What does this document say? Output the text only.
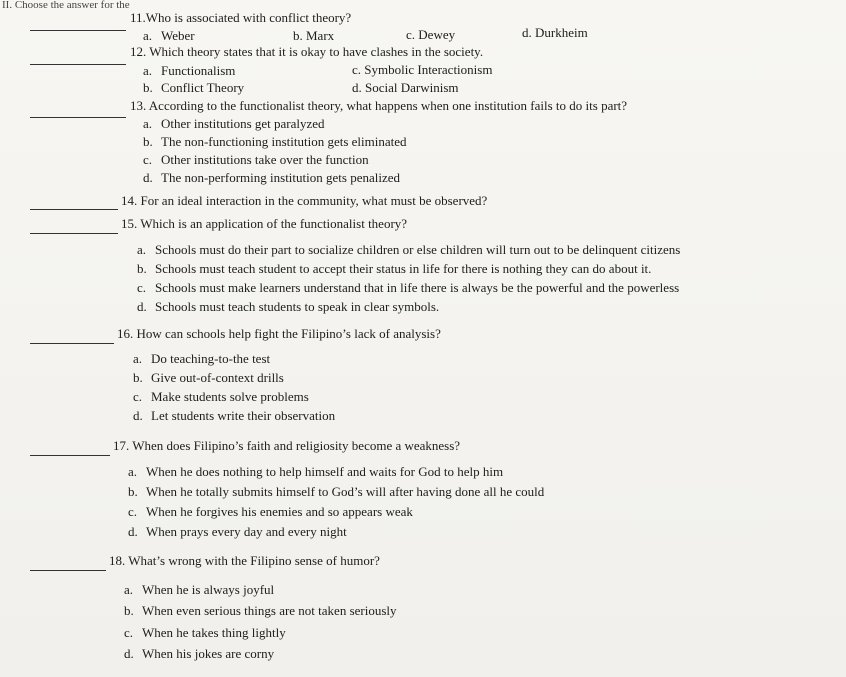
II. Choose the answer for the
11.Who is associated with conflict theory?
a. Weber	b. Marx	c. Dewey	d. Durkheim
12. Which theory states that it is okay to have clashes in the society.
a. Functionalism	c. Symbolic Interactionism
b. Conflict Theory	d. Social Darwinism
13. According to the functionalist theory, what happens when one institution fails to do its part?
a. Other institutions get paralyzed
b. The non-functioning institution gets eliminated
c. Other institutions take over the function
d. The non-performing institution gets penalized
14. For an ideal interaction in the community, what must be observed?
15. Which is an application of the functionalist theory?
a. Schools must do their part to socialize children or else children will turn out to be delinquent citizens
b. Schools must teach student to accept their status in life for there is nothing they can do about it.
c. Schools must make learners understand that in life there is always be the powerful and the powerless
d. Schools must teach students to speak in clear symbols.
16. How can schools help fight the Filipino’s lack of analysis?
a. Do teaching-to-the test
b. Give out-of-context drills
c. Make students solve problems
d. Let students write their observation
17. When does Filipino’s faith and religiosity become a weakness?
a. When he does nothing to help himself and waits for God to help him
b. When he totally submits himself to God’s will after having done all he could
c. When he forgives his enemies and so appears weak
d. When prays every day and every night
18. What’s wrong with the Filipino sense of humor?
a. When he is always joyful
b. When even serious things are not taken seriously
c. When he takes thing lightly
d. When his jokes are corny
